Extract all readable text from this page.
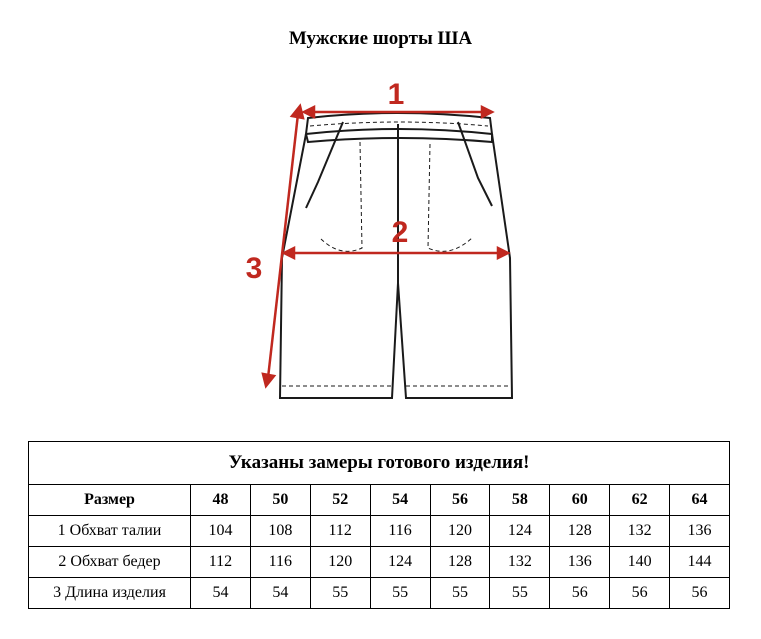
Мужские шорты ША
1
2
3
Указаны замеры готового изделия!									
Размер	48	50	52	54	56	58	60	62	64
1 Обхват талии	104	108	112	116	120	124	128	132	136
2 Обхват бедер	112	116	120	124	128	132	136	140	144
3 Длина изделия	54	54	55	55	55	55	56	56	56
